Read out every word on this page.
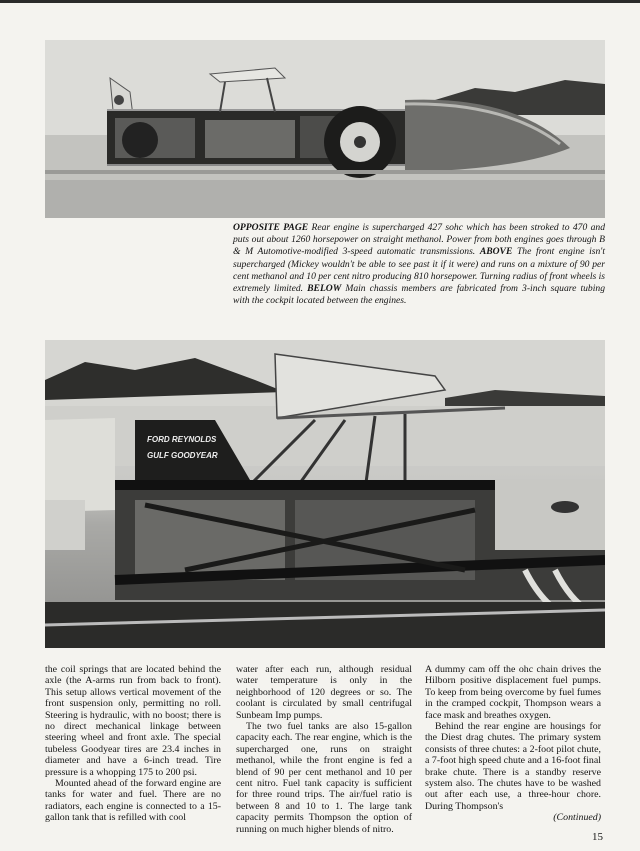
OPPOSITE PAGE Rear engine is supercharged 427 sohc which has been stroked to 470 and puts out about 1260 horsepower on straight methanol. Power from both engines goes through B & M Automotive-modified 3-speed automatic transmissions. ABOVE The front engine isn't supercharged (Mickey wouldn't be able to see past it if it were) and runs on a mixture of 90 per cent methanol and 10 per cent nitro producing 810 horsepower. Turning radius of front wheels is extremely limited. BELOW Main chassis members are fabricated from 3-inch square tubing with the cockpit located between the engines.
FORD REYNOLDS
GULF GOODYEAR

the coil springs that are located behind the axle (the A-arms run from back to front). This setup allows vertical movement of the front suspension only, permitting no roll. Steering is hydraulic, with no boost; there is no direct mechanical linkage between steering wheel and front axle. The special tubeless Goodyear tires are 23.4 inches in diameter and have a 6-inch tread. Tire pressure is a whopping 175 to 200 psi.

Mounted ahead of the forward engine are tanks for water and fuel. There are no radiators, each engine is connected to a 15-gallon tank that is refilled with cool

water after each run, although residual water temperature is only in the neighborhood of 120 degrees or so. The coolant is circulated by small centrifugal Sunbeam Imp pumps.

The two fuel tanks are also 15-gallon capacity each. The rear engine, which is the supercharged one, runs on straight methanol, while the front engine is fed a blend of 90 per cent methanol and 10 per cent nitro. Fuel tank capacity is sufficient for three round trips. The air/fuel ratio is between 8 and 10 to 1. The large tank capacity permits Thompson the option of running on much higher blends of nitro.

A dummy cam off the ohc chain drives the Hilborn positive displacement fuel pumps. To keep from being overcome by fuel fumes in the cramped cockpit, Thompson wears a face mask and breathes oxygen.

Behind the rear engine are housings for the Diest drag chutes. The primary system consists of three chutes: a 2-foot pilot chute, a 7-foot high speed chute and a 16-foot final brake chute. There is a standby reserve system also. The chutes have to be washed out after each use, a three-hour chore. During Thompson's

(Continued)
15
